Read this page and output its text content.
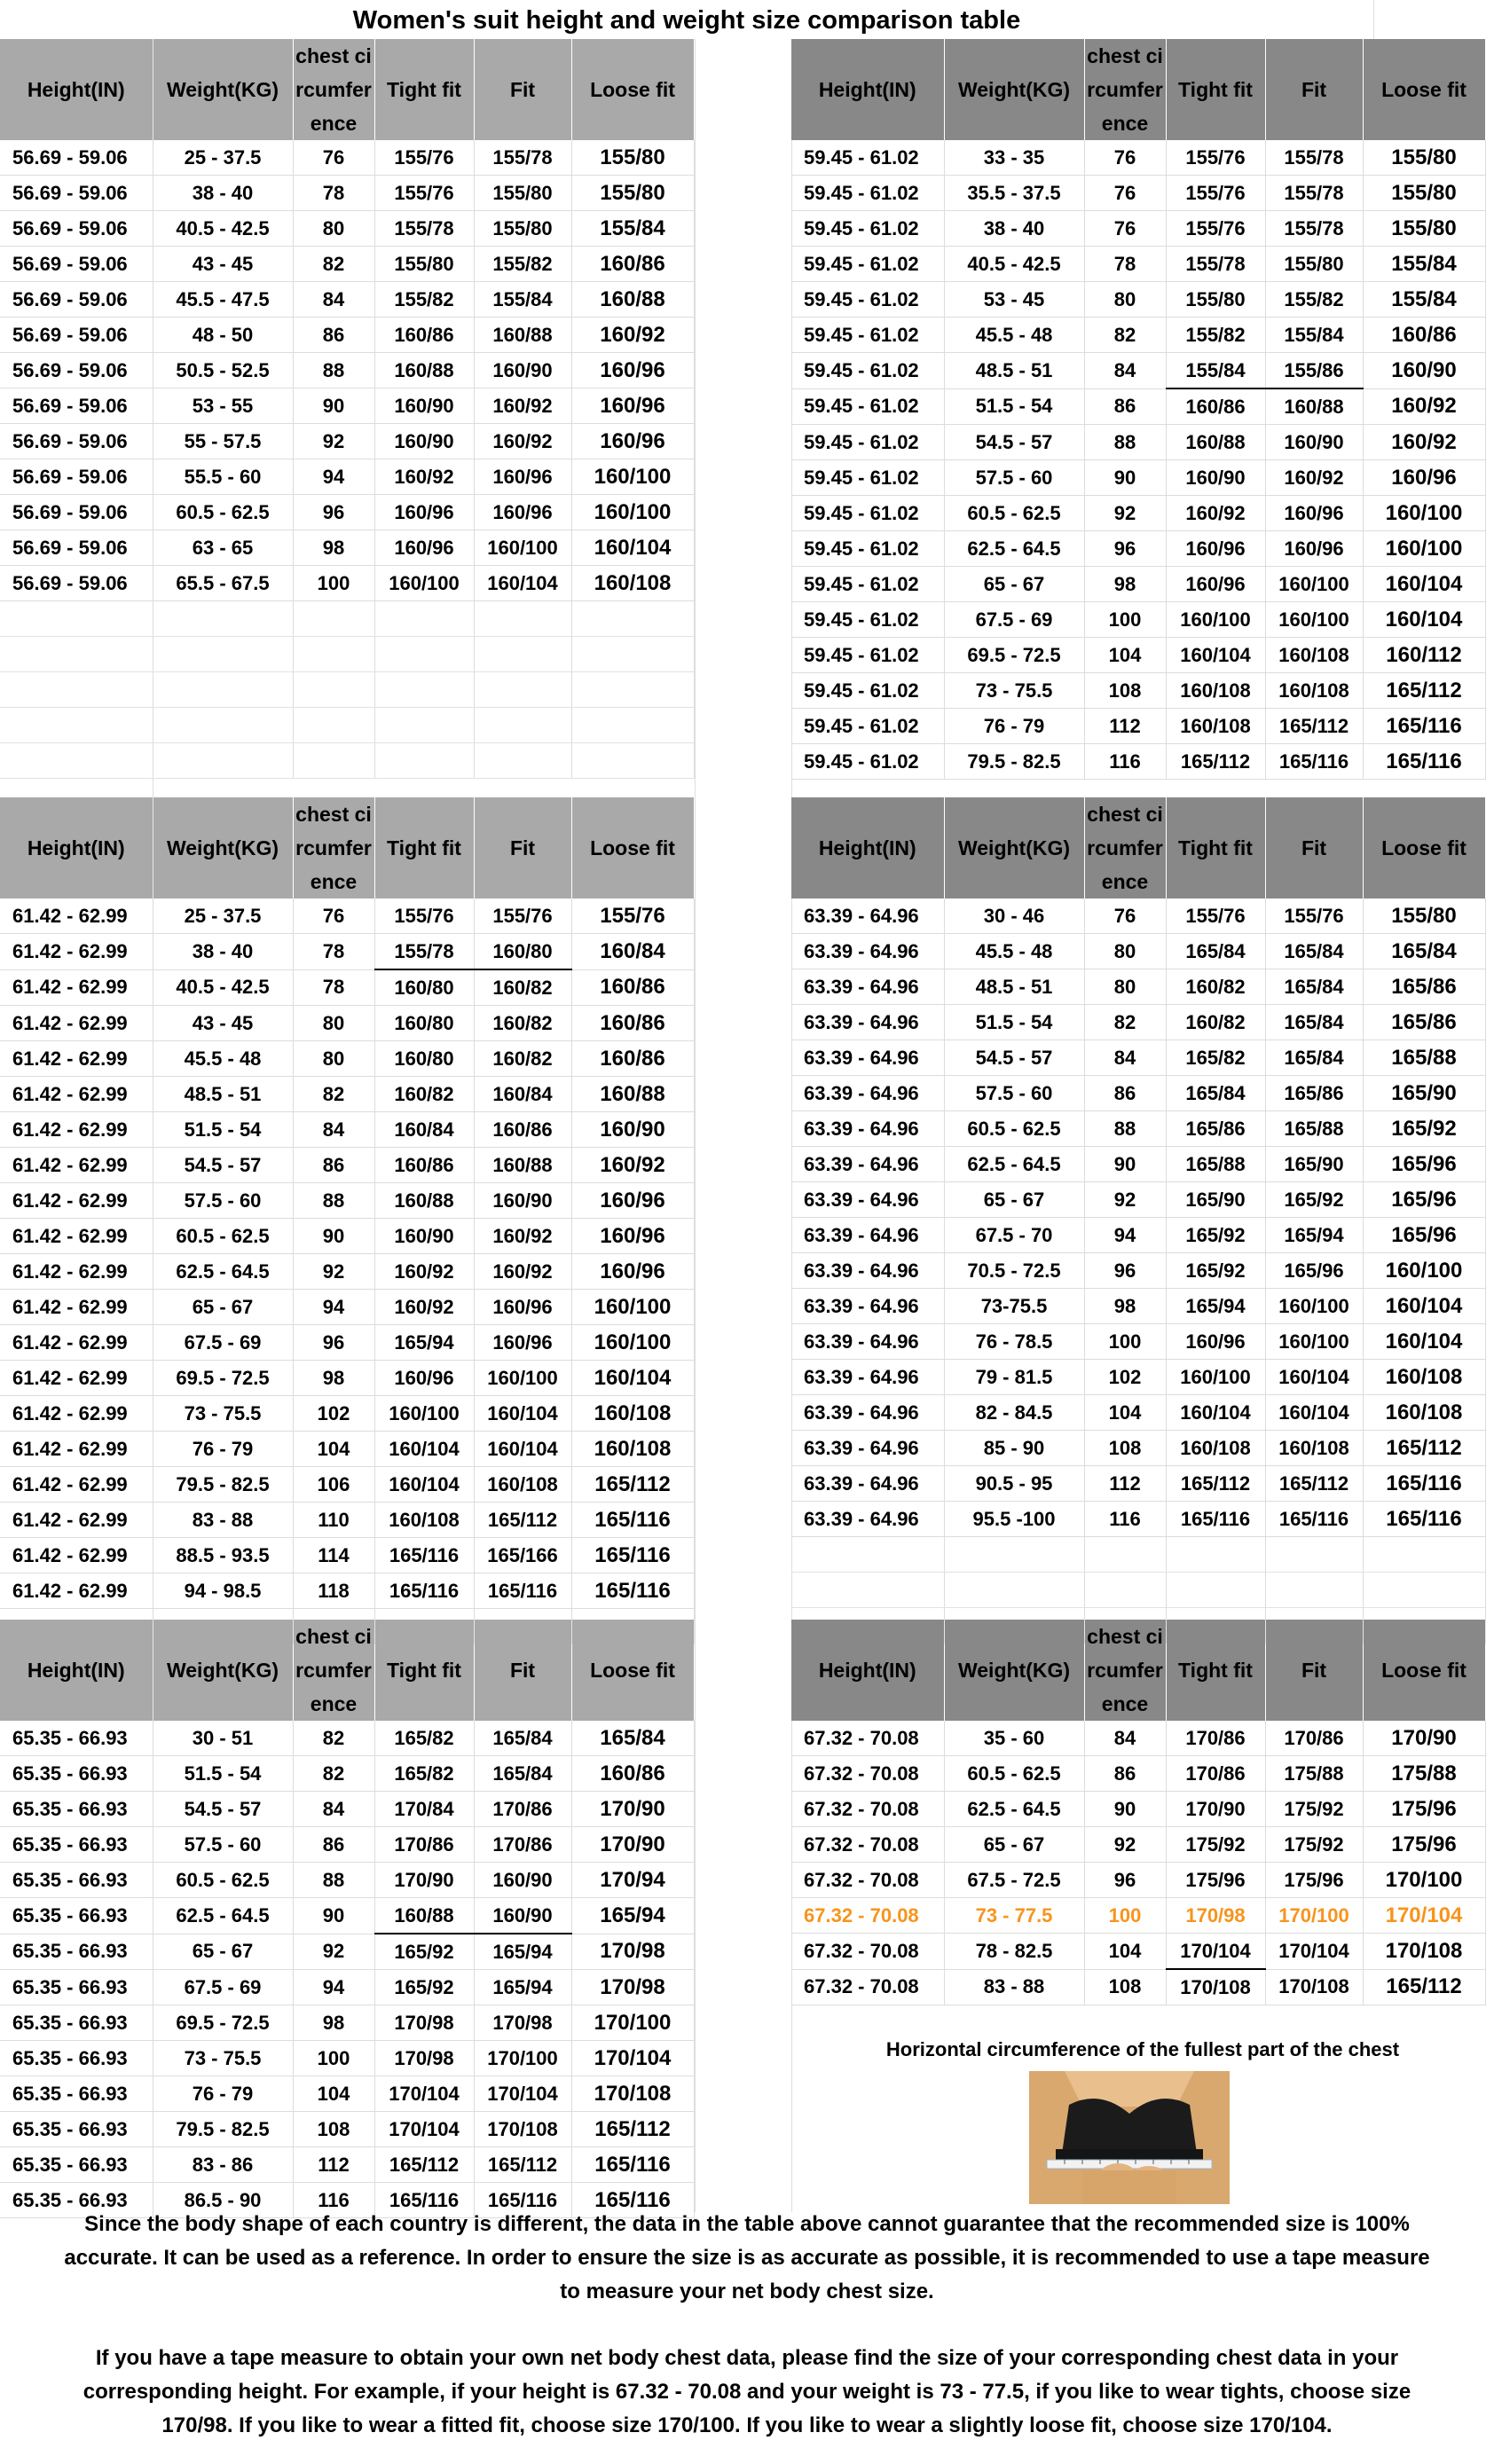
Women's suit height and weight size comparison table
Height(IN)	Weight(KG)	chest ci
rcumfer
ence	Tight fit	Fit	Loose fit
56.69 - 59.06	25 - 37.5	76	155/76	155/78	155/80
56.69 - 59.06	38 - 40	78	155/76	155/80	155/80
56.69 - 59.06	40.5 - 42.5	80	155/78	155/80	155/84
56.69 - 59.06	43 - 45	82	155/80	155/82	160/86
56.69 - 59.06	45.5 - 47.5	84	155/82	155/84	160/88
56.69 - 59.06	48 - 50	86	160/86	160/88	160/92
56.69 - 59.06	50.5 - 52.5	88	160/88	160/90	160/96
56.69 - 59.06	53 - 55	90	160/90	160/92	160/96
56.69 - 59.06	55 - 57.5	92	160/90	160/92	160/96
56.69 - 59.06	55.5 - 60	94	160/92	160/96	160/100
56.69 - 59.06	60.5 - 62.5	96	160/96	160/96	160/100
56.69 - 59.06	63 - 65	98	160/96	160/100	160/104
56.69 - 59.06	65.5 - 67.5	100	160/100	160/104	160/108

Height(IN)	Weight(KG)	chest ci
rcumfer
ence	Tight fit	Fit	Loose fit
59.45 - 61.02	33 - 35	76	155/76	155/78	155/80
59.45 - 61.02	35.5 - 37.5	76	155/76	155/78	155/80
59.45 - 61.02	38 - 40	76	155/76	155/78	155/80
59.45 - 61.02	40.5 - 42.5	78	155/78	155/80	155/84
59.45 - 61.02	53 - 45	80	155/80	155/82	155/84
59.45 - 61.02	45.5 - 48	82	155/82	155/84	160/86
59.45 - 61.02	48.5 - 51	84	155/84	155/86	160/90
59.45 - 61.02	51.5 - 54	86	160/86	160/88	160/92
59.45 - 61.02	54.5 - 57	88	160/88	160/90	160/92
59.45 - 61.02	57.5 - 60	90	160/90	160/92	160/96
59.45 - 61.02	60.5 - 62.5	92	160/92	160/96	160/100
59.45 - 61.02	62.5 - 64.5	96	160/96	160/96	160/100
59.45 - 61.02	65 - 67	98	160/96	160/100	160/104
59.45 - 61.02	67.5 - 69	100	160/100	160/100	160/104
59.45 - 61.02	69.5 - 72.5	104	160/104	160/108	160/112
59.45 - 61.02	73 - 75.5	108	160/108	160/108	165/112
59.45 - 61.02	76 - 79	112	160/108	165/112	165/116
59.45 - 61.02	79.5 - 82.5	116	165/112	165/116	165/116
Height(IN)	Weight(KG)	chest ci
rcumfer
ence	Tight fit	Fit	Loose fit
61.42 - 62.99	25 - 37.5	76	155/76	155/76	155/76
61.42 - 62.99	38 - 40	78	155/78	160/80	160/84
61.42 - 62.99	40.5 - 42.5	78	160/80	160/82	160/86
61.42 - 62.99	43 - 45	80	160/80	160/82	160/86
61.42 - 62.99	45.5 - 48	80	160/80	160/82	160/86
61.42 - 62.99	48.5 - 51	82	160/82	160/84	160/88
61.42 - 62.99	51.5 - 54	84	160/84	160/86	160/90
61.42 - 62.99	54.5 - 57	86	160/86	160/88	160/92
61.42 - 62.99	57.5 - 60	88	160/88	160/90	160/96
61.42 - 62.99	60.5 - 62.5	90	160/90	160/92	160/96
61.42 - 62.99	62.5 - 64.5	92	160/92	160/92	160/96
61.42 - 62.99	65 - 67	94	160/92	160/96	160/100
61.42 - 62.99	67.5 - 69	96	165/94	160/96	160/100
61.42 - 62.99	69.5 - 72.5	98	160/96	160/100	160/104
61.42 - 62.99	73 - 75.5	102	160/100	160/104	160/108
61.42 - 62.99	76 - 79	104	160/104	160/104	160/108
61.42 - 62.99	79.5 - 82.5	106	160/104	160/108	165/112
61.42 - 62.99	83 - 88	110	160/108	165/112	165/116
61.42 - 62.99	88.5 - 93.5	114	165/116	165/166	165/116
61.42 - 62.99	94 - 98.5	118	165/116	165/116	165/116

Height(IN)	Weight(KG)	chest ci
rcumfer
ence	Tight fit	Fit	Loose fit
63.39 - 64.96	30 - 46	76	155/76	155/76	155/80
63.39 - 64.96	45.5 - 48	80	165/84	165/84	165/84
63.39 - 64.96	48.5 - 51	80	160/82	165/84	165/86
63.39 - 64.96	51.5 - 54	82	160/82	165/84	165/86
63.39 - 64.96	54.5 - 57	84	165/82	165/84	165/88
63.39 - 64.96	57.5 - 60	86	165/84	165/86	165/90
63.39 - 64.96	60.5 - 62.5	88	165/86	165/88	165/92
63.39 - 64.96	62.5 - 64.5	90	165/88	165/90	165/96
63.39 - 64.96	65 - 67	92	165/90	165/92	165/96
63.39 - 64.96	67.5 - 70	94	165/92	165/94	165/96
63.39 - 64.96	70.5 - 72.5	96	165/92	165/96	160/100
63.39 - 64.96	73-75.5	98	165/94	160/100	160/104
63.39 - 64.96	76 - 78.5	100	160/96	160/100	160/104
63.39 - 64.96	79 - 81.5	102	160/100	160/104	160/108
63.39 - 64.96	82 - 84.5	104	160/104	160/104	160/108
63.39 - 64.96	85 - 90	108	160/108	160/108	165/112
63.39 - 64.96	90.5 - 95	112	165/112	165/112	165/116
63.39 - 64.96	95.5 -100	116	165/116	165/116	165/116

Height(IN)	Weight(KG)	chest ci
rcumfer
ence	Tight fit	Fit	Loose fit
65.35 - 66.93	30 - 51	82	165/82	165/84	165/84
65.35 - 66.93	51.5 - 54	82	165/82	165/84	160/86
65.35 - 66.93	54.5 - 57	84	170/84	170/86	170/90
65.35 - 66.93	57.5 - 60	86	170/86	170/86	170/90
65.35 - 66.93	60.5 - 62.5	88	170/90	160/90	170/94
65.35 - 66.93	62.5 - 64.5	90	160/88	160/90	165/94
65.35 - 66.93	65 - 67	92	165/92	165/94	170/98
65.35 - 66.93	67.5 - 69	94	165/92	165/94	170/98
65.35 - 66.93	69.5 - 72.5	98	170/98	170/98	170/100
65.35 - 66.93	73 - 75.5	100	170/98	170/100	170/104
65.35 - 66.93	76 - 79	104	170/104	170/104	170/108
65.35 - 66.93	79.5 - 82.5	108	170/104	170/108	165/112
65.35 - 66.93	83 - 86	112	165/112	165/112	165/116
65.35 - 66.93	86.5 - 90	116	165/116	165/116	165/116
Height(IN)	Weight(KG)	chest ci
rcumfer
ence	Tight fit	Fit	Loose fit
67.32 - 70.08	35 - 60	84	170/86	170/86	170/90
67.32 - 70.08	60.5 - 62.5	86	170/86	175/88	175/88
67.32 - 70.08	62.5 - 64.5	90	170/90	175/92	175/96
67.32 - 70.08	65 - 67	92	175/92	175/92	175/96
67.32 - 70.08	67.5 - 72.5	96	175/96	175/96	170/100
67.32 - 70.08	73 - 77.5	100	170/98	170/100	170/104
67.32 - 70.08	78 - 82.5	104	170/104	170/104	170/108
67.32 - 70.08	83 - 88	108	170/108	170/108	165/112
Horizontal circumference of the fullest part of the chest
Since the body shape of each country is different, the data in the table above cannot guarantee that the recommended size is 100%
accurate. It can be used as a reference. In order to ensure the size is as accurate as possible, it is recommended to use a tape measure
to measure your net body chest size.
If you have a tape measure to obtain your own net body chest data, please find the size of your corresponding chest data in your
corresponding height. For example, if your height is 67.32 - 70.08 and your weight is 73 - 77.5, if you like to wear tights, choose size
170/98. If you like to wear a fitted fit, choose size 170/100. If you like to wear a slightly loose fit, choose size 170/104.
